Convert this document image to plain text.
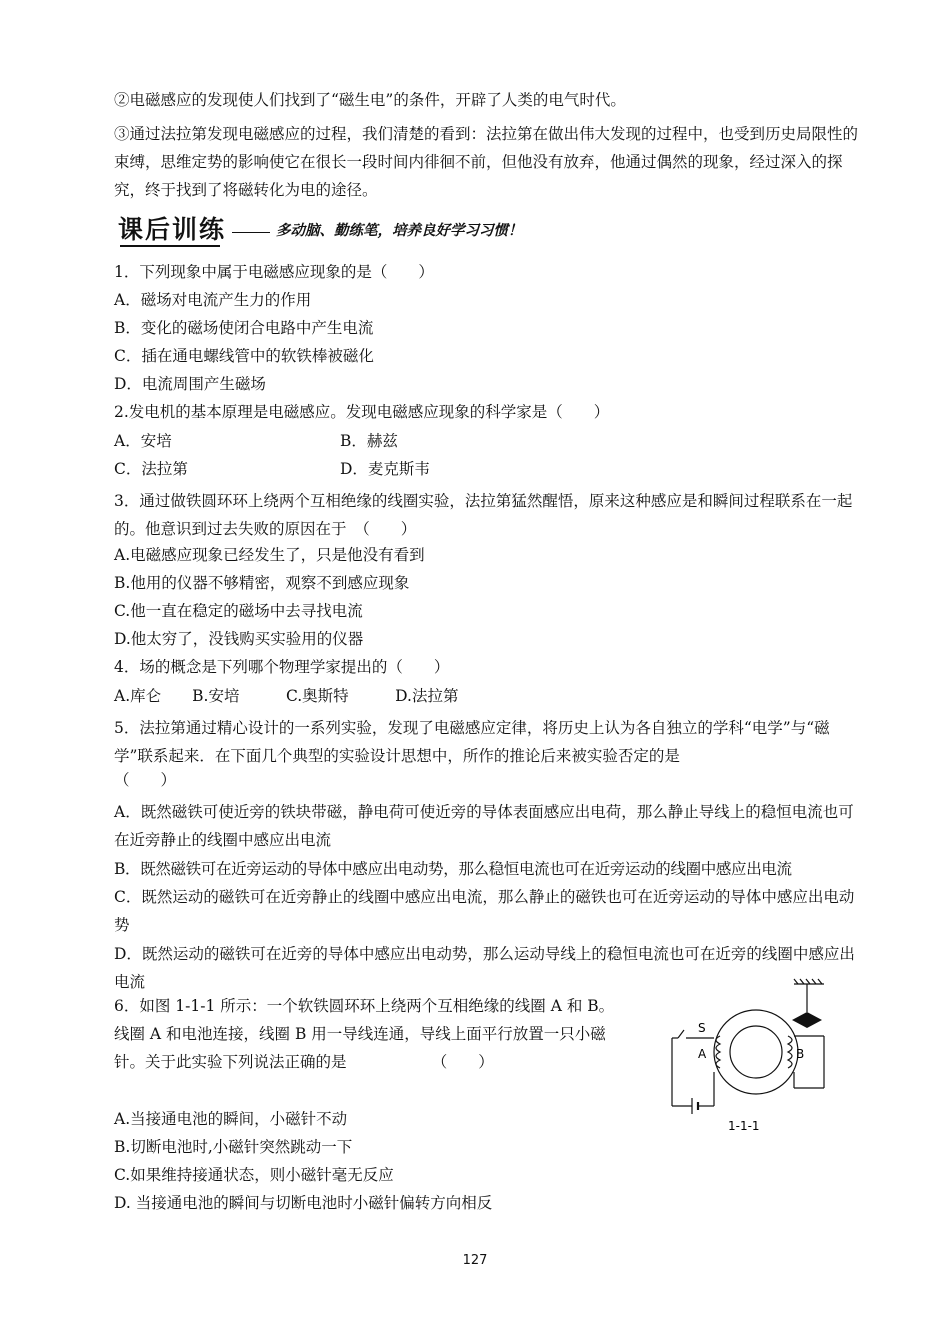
②电磁感应的发现使人们找到了“磁生电”的条件，开辟了人类的电气时代。
③通过法拉第发现电磁感应的过程，我们清楚的看到：法拉第在做出伟大发现的过程中，也受到历史局限性的束缚，思维定势的影响使它在很长一段时间内徘徊不前，但他没有放弃，他通过偶然的现象，经过深入的探究，终于找到了将磁转化为电的途径。
课后训练	多动脑、勤练笔，培养良好学习习惯！
1．下列现象中属于电磁感应现象的是（　　）
A．磁场对电流产生力的作用
B．变化的磁场使闭合电路中产生电流
C．插在通电螺线管中的软铁棒被磁化
D．电流周围产生磁场
2.发电机的基本原理是电磁感应。发现电磁感应现象的科学家是（　　）
A．安培	B．赫兹
C．法拉第	D．麦克斯韦
3．通过做铁圆环环上绕两个互相绝缘的线圈实验，法拉第猛然醒悟，原来这种感应是和瞬间过程联系在一起的。他意识到过去失败的原因在于　（　　）
A.电磁感应现象已经发生了，只是他没有看到
B.他用的仪器不够精密，观察不到感应现象
C.他一直在稳定的磁场中去寻找电流
D.他太穷了，没钱购买实验用的仪器
4．场的概念是下列哪个物理学家提出的（　　）
A.库仑　　B.安培　　　C.奥斯特　　　D.法拉第
5．法拉第通过精心设计的一系列实验，发现了电磁感应定律，将历史上认为各自独立的学科“电学”与“磁学”联系起来．在下面几个典型的实验设计思想中，所作的推论后来被实验否定的是
（　　）
A．既然磁铁可使近旁的铁块带磁，静电荷可使近旁的导体表面感应出电荷，那么静止导线上的稳恒电流也可在近旁静止的线圈中感应出电流
B．既然磁铁可在近旁运动的导体中感应出电动势，那么稳恒电流也可在近旁运动的线圈中感应出电流
C．既然运动的磁铁可在近旁静止的线圈中感应出电流，那么静止的磁铁也可在近旁运动的导体中感应出电动势
D．既然运动的磁铁可在近旁的导体中感应出电动势，那么运动导线上的稳恒电流也可在近旁的线圈中感应出电流
6．如图 1-1-1 所示：一个软铁圆环环上绕两个互相绝缘的线圈 A 和 B。
线圈 A 和电池连接，线圈 B 用一导线连通，导线上面平行放置一只小磁
针。关于此实验下列说法正确的是　　　　　　（　　）
A.当接通电池的瞬间，小磁针不动
B.切断电池时,小磁针突然跳动一下
C.如果维持接通状态，则小磁针毫无反应
D. 当接通电池的瞬间与切断电池时小磁针偏转方向相反
S
A	B
1-1-1
127
